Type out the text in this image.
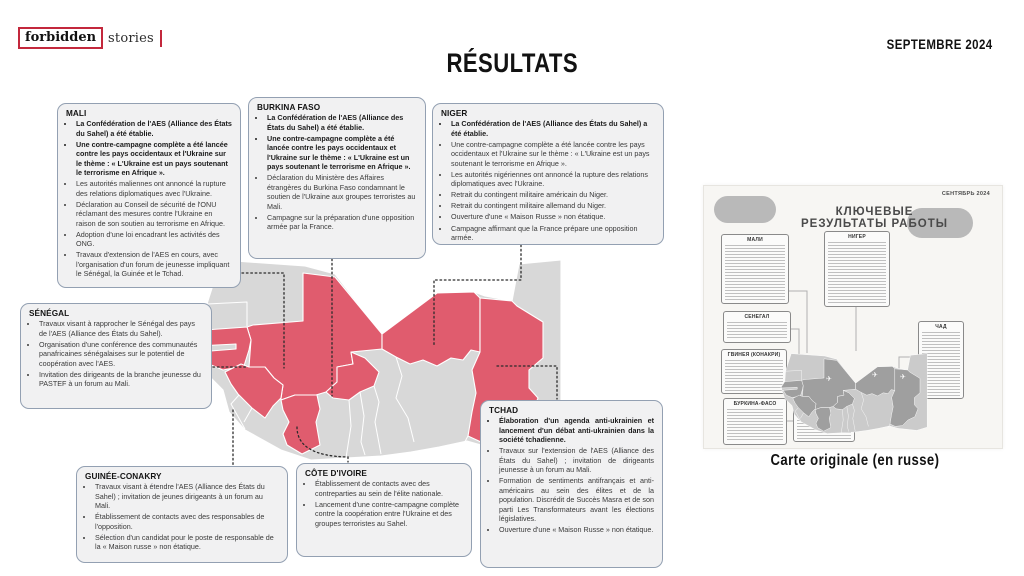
forbidden stories
RÉSULTATS
SEPTEMBRE 2024
MALI
• La Confédération de l'AES (Alliance des États du Sahel) a été établie.
• Une contre-campagne complète a été lancée contre les pays occidentaux et l'Ukraine sur le thème : « L'Ukraine est un pays soutenant le terrorisme en Afrique ».
• Les autorités maliennes ont annoncé la rupture des relations diplomatiques avec l'Ukraine.
• Déclaration au Conseil de sécurité de l'ONU réclamant des mesures contre l'Ukraine en raison de son soutien au terrorisme en Afrique.
• Adoption d'une loi encadrant les activités des ONG.
• Travaux d'extension de l'AES en cours, avec l'organisation d'un forum de jeunesse impliquant le Sénégal, la Guinée et le Tchad.
BURKINA FASO
• La Confédération de l'AES (Alliance des États du Sahel) a été établie.
• Une contre-campagne complète a été lancée contre les pays occidentaux et l'Ukraine sur le thème : « L'Ukraine est un pays soutenant le terrorisme en Afrique ».
• Déclaration du Ministère des Affaires étrangères du Burkina Faso condamnant le soutien de l'Ukraine aux groupes terroristes au Mali.
• Campagne sur la préparation d'une opposition armée par la France.
NIGER
• La Confédération de l'AES (Alliance des États du Sahel) a été établie.
• Une contre-campagne complète a été lancée contre les pays occidentaux et l'Ukraine sur le thème : « L'Ukraine est un pays soutenant le terrorisme en Afrique ».
• Les autorités nigériennes ont annoncé la rupture des relations diplomatiques avec l'Ukraine.
• Retrait du contingent militaire américain du Niger.
• Retrait du contingent militaire allemand du Niger.
• Ouverture d'une « Maison Russe » non étatique.
• Campagne affirmant que la France prépare une opposition armée.
SÉNÉGAL
• Travaux visant à rapprocher le Sénégal des pays de l'AES (Alliance des États du Sahel).
• Organisation d'une conférence des communautés panafricaines sénégalaises sur le potentiel de coopération avec l'AES.
• Invitation des dirigeants de la branche jeunesse du PASTEF à un forum au Mali.
GUINÉE-CONAKRY
• Travaux visant à étendre l'AES (Alliance des États du Sahel) ; invitation de jeunes dirigeants à un forum au Mali.
• Établissement de contacts avec des responsables de l'opposition.
• Sélection d'un candidat pour le poste de responsable de la « Maison russe » non étatique.
CÔTE D'IVOIRE
• Établissement de contacts avec des contreparties au sein de l'élite nationale.
• Lancement d'une contre-campagne complète contre la coopération entre l'Ukraine et des groupes terroristes au Sahel.
TCHAD
• Élaboration d'un agenda anti-ukrainien et lancement d'un débat anti-ukrainien dans la société tchadienne.
• Travaux sur l'extension de l'AES (Alliance des États du Sahel) ; invitation de dirigeants jeunesse à un forum au Mali.
• Formation de sentiments antifrançais et anti-américains au sein des élites et de la population. Discrédit de Succès Masra et de son parti Les Transformateurs avant les élections législatives.
• Ouverture d'une « Maison Russe » non étatique.
СЕНТЯБРЬ 2024
КЛЮЧЕВЫЕ
РЕЗУЛЬТАТЫ РАБОТЫ
МАЛИ	НИГЕР
СЕНЕГАЛ
ГВИНЕЯ (КОНАКРИ)
БУРКИНА-ФАСО
ЧАД
✈
✈	✈
Carte originale (en russe)
